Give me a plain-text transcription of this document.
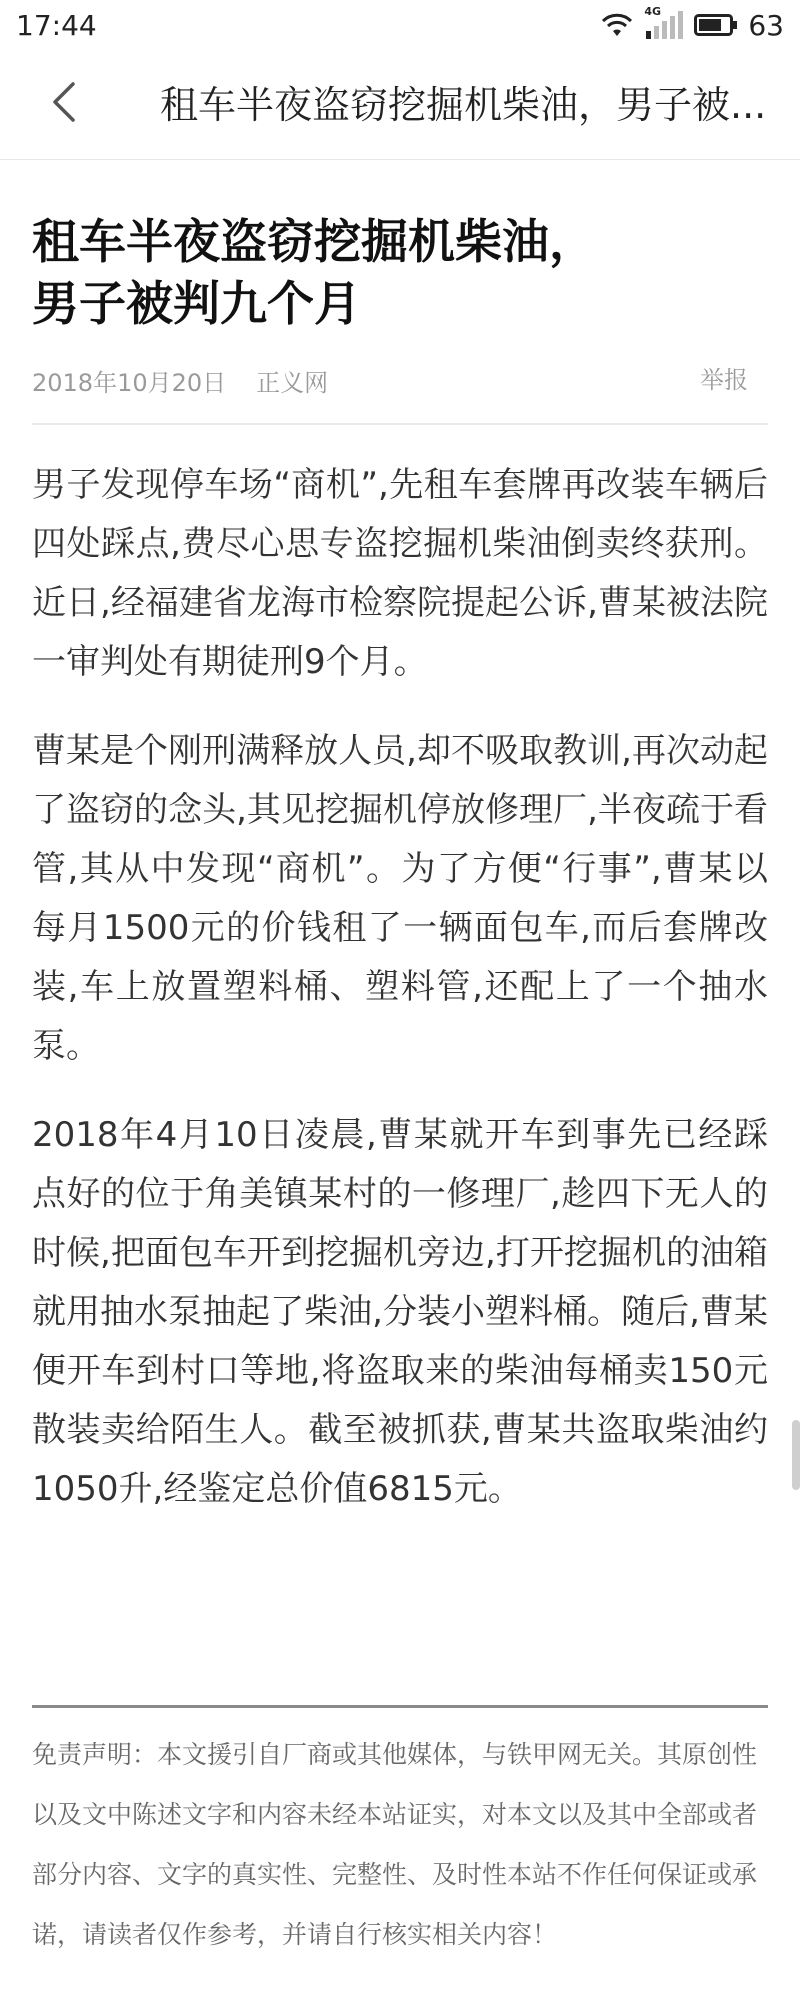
17:44	4G	63
租车半夜盗窃挖掘机柴油，男子被...
租车半夜盗窃挖掘机柴油，
男子被判九个月
2018年10月20日 正义网	举报

男子发现停车场“商机”,先租车套牌再改装车辆后四处踩点,费尽心思专盗挖掘机柴油倒卖终获刑。近日,经福建省龙海市检察院提起公诉,曹某被法院一审判处有期徒刑9个月。

曹某是个刚刑满释放人员,却不吸取教训,再次动起了盗窃的念头,其见挖掘机停放修理厂,半夜疏于看管,其从中发现“商机”。为了方便“行事”,曹某以每月1500元的价钱租了一辆面包车,而后套牌改装,车上放置塑料桶、塑料管,还配上了一个抽水泵。

2018年4月10日凌晨,曹某就开车到事先已经踩点好的位于角美镇某村的一修理厂,趁四下无人的时候,把面包车开到挖掘机旁边,打开挖掘机的油箱就用抽水泵抽起了柴油,分装小塑料桶。随后,曹某便开车到村口等地,将盗取来的柴油每桶卖150元散装卖给陌生人。截至被抓获,曹某共盗取柴油约1050升,经鉴定总价值6815元。

免责声明：本文援引自厂商或其他媒体，与铁甲网无关。其原创性以及文中陈述文字和内容未经本站证实，对本文以及其中全部或者部分内容、文字的真实性、完整性、及时性本站不作任何保证或承诺，请读者仅作参考，并请自行核实相关内容！
